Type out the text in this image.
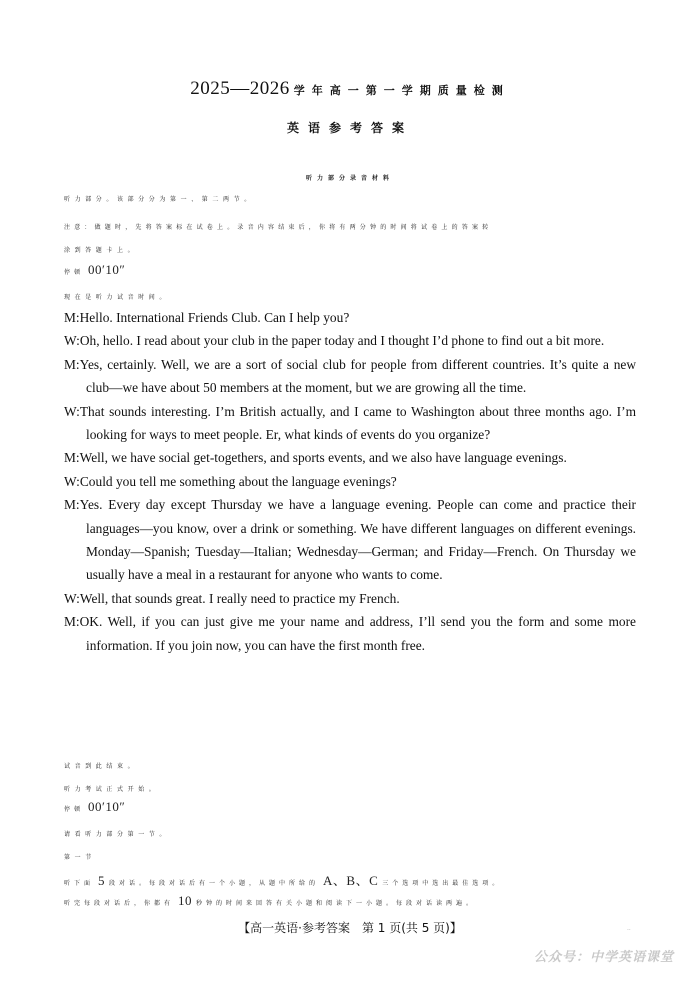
2025—2026 学年高一第一学期质量检测
英语参考答案
听力部分录音材料
听力部分。该部分分为第一、第二两节。
注意：做题时，先将答案标在试卷上。录音内容结束后，你将有两分钟的时间将试卷上的答案转
涂到答题卡上。
停顿 00′10″
现在是听力试音时间。

M:Hello. International Friends Club. Can I help you?

W:Oh, hello. I read about your club in the paper today and I thought I’d phone to find out a bit more.

M:Yes, certainly. Well, we are a sort of social club for people from different countries. It’s quite a new club—we have about 50 members at the moment, but we are growing all the time.

W:That sounds interesting. I’m British actually, and I came to Washington about three months ago. I’m looking for ways to meet people. Er, what kinds of events do you organize?

M:Well, we have social get-togethers, and sports events, and we also have language evenings.

W:Could you tell me something about the language evenings?

M:Yes. Every day except Thursday we have a language evening. People can come and practice their languages—you know, over a drink or something. We have different languages on different evenings. Monday—Spanish; Tuesday—Italian; Wednesday—German; and Friday—French. On Thursday we usually have a meal in a restaurant for anyone who wants to come.

W:Well, that sounds great. I really need to practice my French.

M:OK. Well, if you can just give me your name and address, I’ll send you the form and some more information. If you join now, you can have the first month free.

试音到此结束。
听力考试正式开始。
停顿 00′10″
请看听力部分第一节。
第一节
听下面 5 段对话。每段对话后有一个小题，从题中所给的 A、B、C 三个选项中选出最佳选项。
听完每段对话后，你都有 10 秒钟的时间来回答有关小题和阅读下一小题。每段对话读两遍。
【高一英语·参考答案　第 1 页(共 5 页)】	··
公众号：中学英语课堂
